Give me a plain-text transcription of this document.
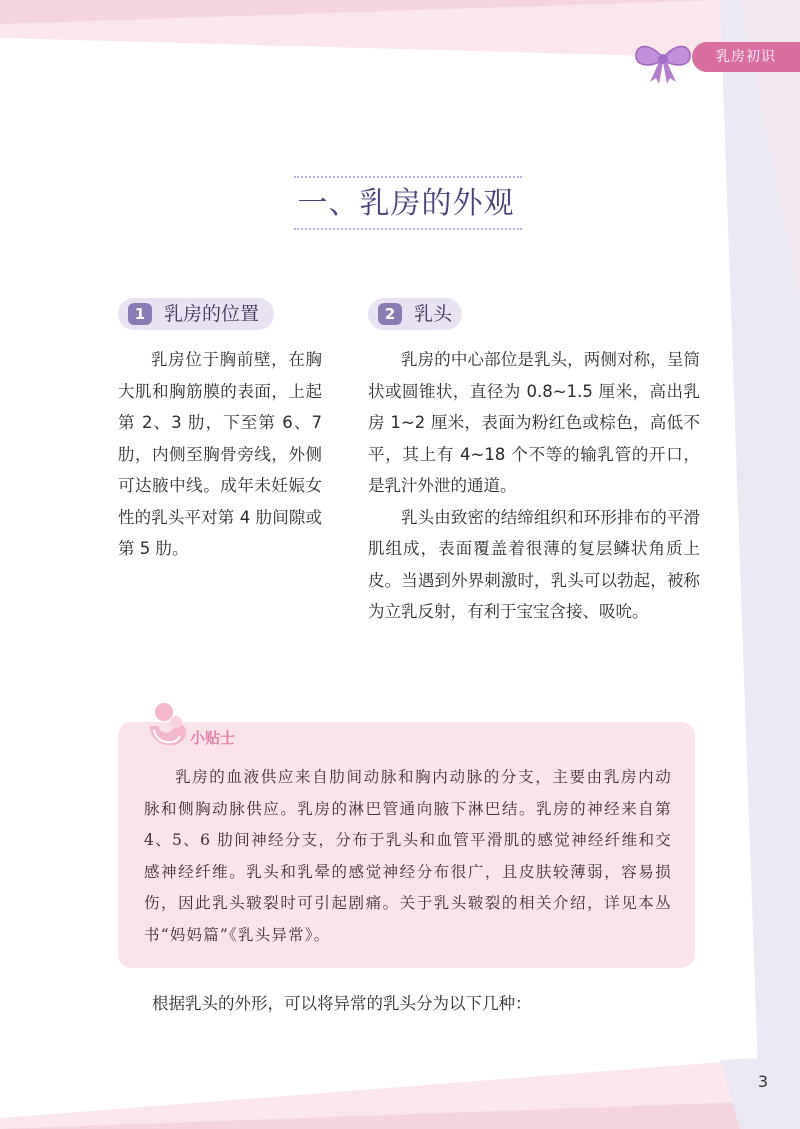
乳房初识
一、乳房的外观
1 乳房的位置

乳房位于胸前壁，在胸大肌和胸筋膜的表面，上起第 2、3 肋，下至第 6、7 肋，内侧至胸骨旁线，外侧可达腋中线。成年未妊娠女性的乳头平对第 4 肋间隙或第 5 肋。

2 乳头

乳房的中心部位是乳头，两侧对称，呈筒状或圆锥状，直径为 0.8~1.5 厘米，高出乳房 1~2 厘米，表面为粉红色或棕色，高低不平，其上有 4~18 个不等的输乳管的开口，是乳汁外泄的通道。

乳头由致密的结缔组织和环形排布的平滑肌组成，表面覆盖着很薄的复层鳞状角质上皮。当遇到外界刺激时，乳头可以勃起，被称为立乳反射，有利于宝宝含接、吸吮。

小贴士

乳房的血液供应来自肋间动脉和胸内动脉的分支，主要由乳房内动脉和侧胸动脉供应。乳房的淋巴管通向腋下淋巴结。乳房的神经来自第 4、5、6 肋间神经分支，分布于乳头和血管平滑肌的感觉神经纤维和交感神经纤维。乳头和乳晕的感觉神经分布很广，且皮肤较薄弱，容易损伤，因此乳头皲裂时可引起剧痛。关于乳头皲裂的相关介绍，详见本丛书“妈妈篇”《乳头异常》。

根据乳头的外形，可以将异常的乳头分为以下几种：
3
